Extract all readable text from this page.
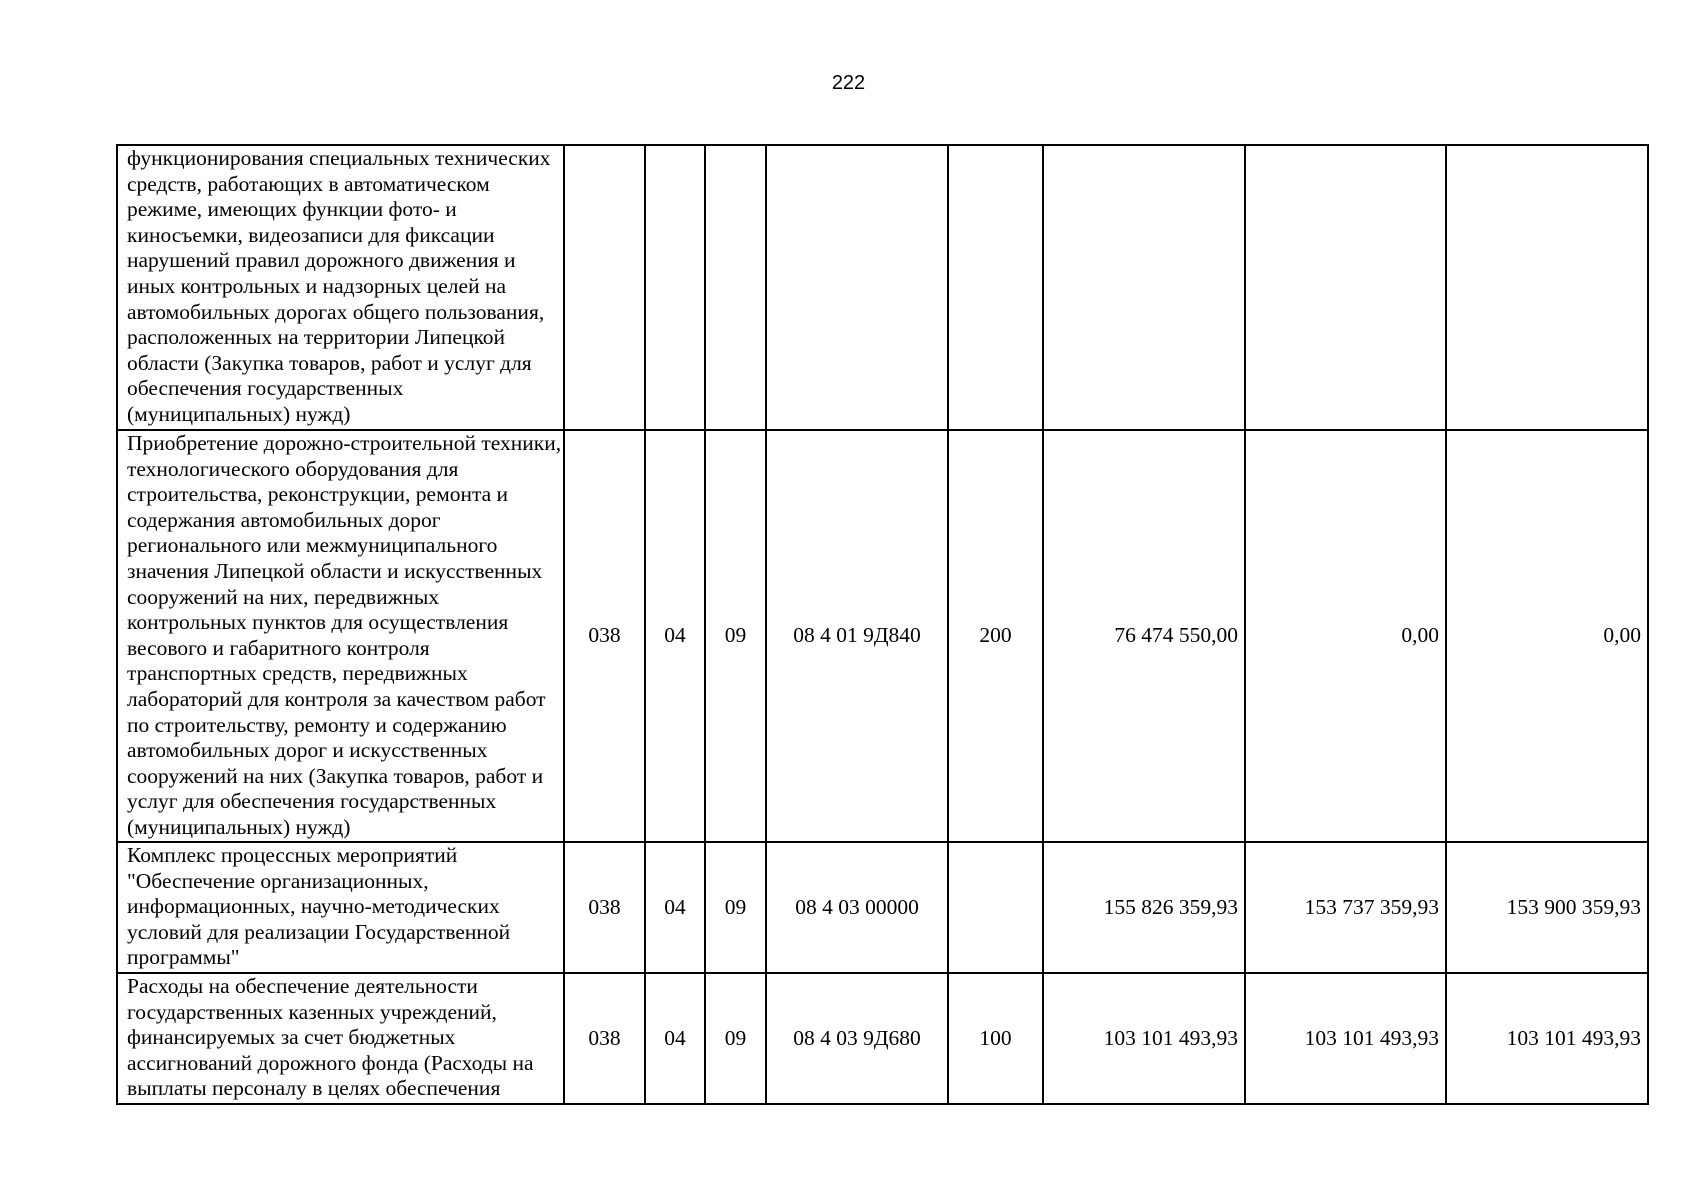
222
функционирования специальных технических средств, работающих в автоматическом режиме, имеющих функции фото- и киносъемки, видеозаписи для фиксации нарушений правил дорожного движения и иных контрольных и надзорных целей на автомобильных дорогах общего пользования, расположенных на территории Липецкой области (Закупка товаров, работ и услуг для обеспечения государственных (муниципальных) нужд)								
Приобретение дорожно-строительной техники, технологического оборудования для строительства, реконструкции, ремонта и содержания автомобильных дорог регионального или межмуниципального значения Липецкой области и искусственных сооружений на них, передвижных контрольных пунктов для осуществления весового и габаритного контроля транспортных средств, передвижных лабораторий для контроля за качеством работ по строительству, ремонту и содержанию автомобильных дорог и искусственных сооружений на них (Закупка товаров, работ и услуг для обеспечения государственных (муниципальных) нужд)	038	04	09	08 4 01 9Д840	200	76 474 550,00	0,00	0,00
Комплекс процессных мероприятий "Обеспечение организационных, информационных, научно-методических условий для реализации Государственной программы"	038	04	09	08 4 03 00000		155 826 359,93	153 737 359,93	153 900 359,93
Расходы на обеспечение деятельности государственных казенных учреждений, финансируемых за счет бюджетных ассигнований дорожного фонда (Расходы на выплаты персоналу в целях обеспечения	038	04	09	08 4 03 9Д680	100	103 101 493,93	103 101 493,93	103 101 493,93
